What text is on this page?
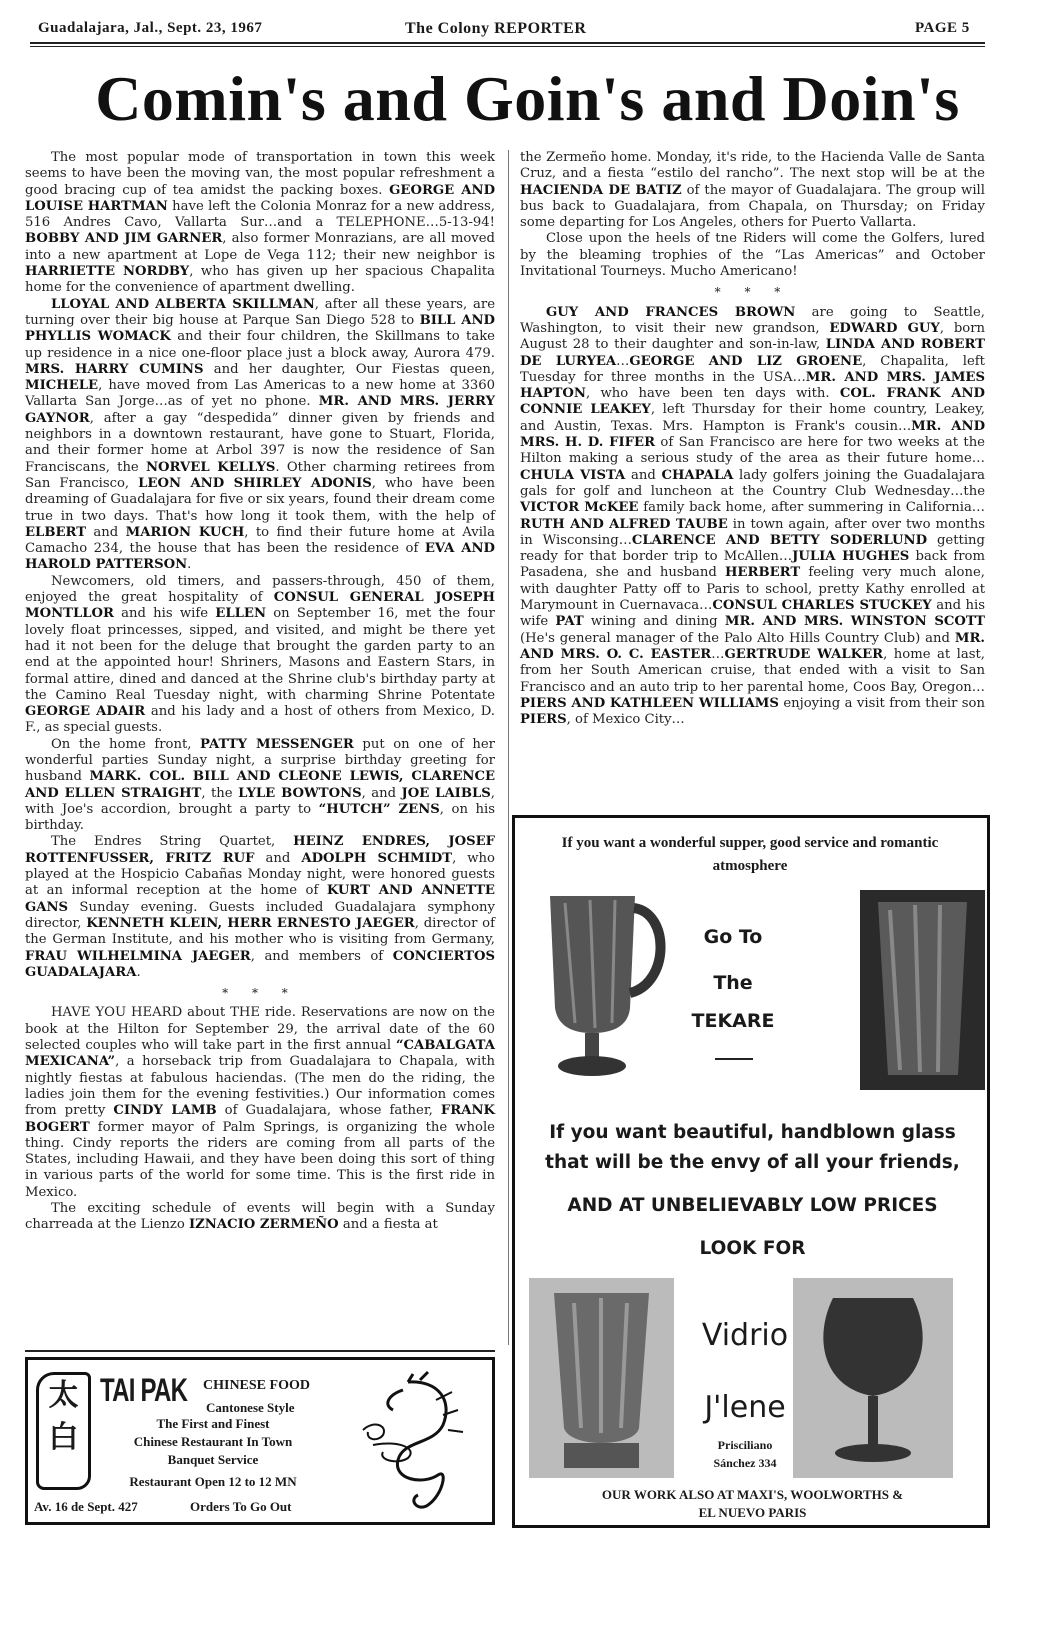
Guadalajara, Jal., Sept. 23, 1967	The Colony REPORTER	PAGE 5
Comin's and Goin's and Doin's

The most popular mode of transportation in town this week seems to have been the moving van, the most popular refreshment a good bracing cup of tea amidst the packing boxes. GEORGE AND LOUISE HARTMAN have left the Colonia Monraz for a new address, 516 Andres Cavo, Vallarta Sur…and a TELEPHONE…5-13-94! BOBBY AND JIM GARNER, also former Monrazians, are all moved into a new apartment at Lope de Vega 112; their new neighbor is HARRIETTE NORDBY, who has given up her spacious Chapalita home for the convenience of apartment dwelling.

LLOYAL AND ALBERTA SKILLMAN, after all these years, are turning over their big house at Parque San Diego 528 to BILL AND PHYLLIS WOMACK and their four children, the Skillmans to take up residence in a nice one-floor place just a block away, Aurora 479. MRS. HARRY CUMINS and her daughter, Our Fiestas queen, MICHELE, have moved from Las Americas to a new home at 3360 Vallarta San Jorge…as of yet no phone. MR. AND MRS. JERRY GAYNOR, after a gay “despedida” dinner given by friends and neighbors in a downtown restaurant, have gone to Stuart, Florida, and their former home at Arbol 397 is now the residence of San Franciscans, the NORVEL KELLYS. Other charming retirees from San Francisco, LEON AND SHIRLEY ADONIS, who have been dreaming of Guadalajara for five or six years, found their dream come true in two days. That's how long it took them, with the help of ELBERT and MARION KUCH, to find their future home at Avila Camacho 234, the house that has been the residence of EVA AND HAROLD PATTERSON.

Newcomers, old timers, and passers-through, 450 of them, enjoyed the great hospitality of CONSUL GENERAL JOSEPH MONTLLOR and his wife ELLEN on September 16, met the four lovely float princesses, sipped, and visited, and might be there yet had it not been for the deluge that brought the garden party to an end at the appointed hour! Shriners, Masons and Eastern Stars, in formal attire, dined and danced at the Shrine club's birthday party at the Camino Real Tuesday night, with charming Shrine Potentate GEORGE ADAIR and his lady and a host of others from Mexico, D. F., as special guests.

On the home front, PATTY MESSENGER put on one of her wonderful parties Sunday night, a surprise birthday greeting for husband MARK. COL. BILL AND CLEONE LEWIS, CLARENCE AND ELLEN STRAIGHT, the LYLE BOWTONS, and JOE LAIBLS, with Joe's accordion, brought a party to “HUTCH” ZENS, on his birthday.

The Endres String Quartet, HEINZ ENDRES, JOSEF ROTTENFUSSER, FRITZ RUF and ADOLPH SCHMIDT, who played at the Hospicio Cabañas Monday night, were honored guests at an informal reception at the home of KURT AND ANNETTE GANS Sunday evening. Guests included Guadalajara symphony director, KENNETH KLEIN, HERR ERNESTO JAEGER, director of the German Institute, and his mother who is visiting from Germany, FRAU WILHELMINA JAEGER, and members of CONCIERTOS GUADALAJARA.

* * *

HAVE YOU HEARD about THE ride. Reservations are now on the book at the Hilton for September 29, the arrival date of the 60 selected couples who will take part in the first annual “CABALGATA MEXICANA”, a horseback trip from Guadalajara to Chapala, with nightly fiestas at fabulous haciendas. (The men do the riding, the ladies join them for the evening festivities.) Our information comes from pretty CINDY LAMB of Guadalajara, whose father, FRANK BOGERT former mayor of Palm Springs, is organizing the whole thing. Cindy reports the riders are coming from all parts of the States, including Hawaii, and they have been doing this sort of thing in various parts of the world for some time. This is the first ride in Mexico.

The exciting schedule of events will begin with a Sunday charreada at the Lienzo IZNACIO ZERMEÑO and a fiesta at

the Zermeño home. Monday, it's ride, to the Hacienda Valle de Santa Cruz, and a fiesta “estilo del rancho”. The next stop will be at the HACIENDA DE BATIZ of the mayor of Guadalajara. The group will bus back to Guadalajara, from Chapala, on Thursday; on Friday some departing for Los Angeles, others for Puerto Vallarta.

Close upon the heels of tne Riders will come the Golfers, lured by the bleaming trophies of the “Las Americas” and October Invitational Tourneys. Mucho Americano!

* * *

GUY AND FRANCES BROWN are going to Seattle, Washington, to visit their new grandson, EDWARD GUY, born August 28 to their daughter and son-in-law, LINDA AND ROBERT DE LURYEA…GEORGE AND LIZ GROENE, Chapalita, left Tuesday for three months in the USA…MR. AND MRS. JAMES HAPTON, who have been ten days with. COL. FRANK AND CONNIE LEAKEY, left Thursday for their home country, Leakey, and Austin, Texas. Mrs. Hampton is Frank's cousin…MR. AND MRS. H. D. FIFER of San Francisco are here for two weeks at the Hilton making a serious study of the area as their future home…CHULA VISTA and CHAPALA lady golfers joining the Guadalajara gals for golf and luncheon at the Country Club Wednesday…the VICTOR McKEE family back home, after summering in California…RUTH AND ALFRED TAUBE in town again, after over two months in Wisconsing…CLARENCE AND BETTY SODERLUND getting ready for that border trip to McAllen…JULIA HUGHES back from Pasadena, she and husband HERBERT feeling very much alone, with daughter Patty off to Paris to school, pretty Kathy enrolled at Marymount in Cuernavaca…CONSUL CHARLES STUCKEY and his wife PAT wining and dining MR. AND MRS. WINSTON SCOTT (He's general manager of the Palo Alto Hills Country Club) and MR. AND MRS. O. C. EASTER…GERTRUDE WALKER, home at last, from her South American cruise, that ended with a visit to San Francisco and an auto trip to her parental home, Coos Bay, Oregon…PIERS AND KATHLEEN WILLIAMS enjoying a visit from their son PIERS, of Mexico City…

太
白
TAI PAK CHINESE FOOD
Cantonese Style
The First and Finest
Chinese Restaurant In Town
Banquet Service
Restaurant Open 12 to 12 MN
Av. 16 de Sept. 427	Orders To Go Out
If you want a wonderful supper, good service and romantic atmosphere
Go To
The
TEKARE
If you want beautiful, handblown glass
that will be the envy of all your friends,
AND AT UNBELIEVABLY LOW PRICES
LOOK FOR
Vidrio
J'lene
Prisciliano
Sánchez 334
OUR WORK ALSO AT MAXI'S, WOOLWORTHS &
EL NUEVO PARIS
